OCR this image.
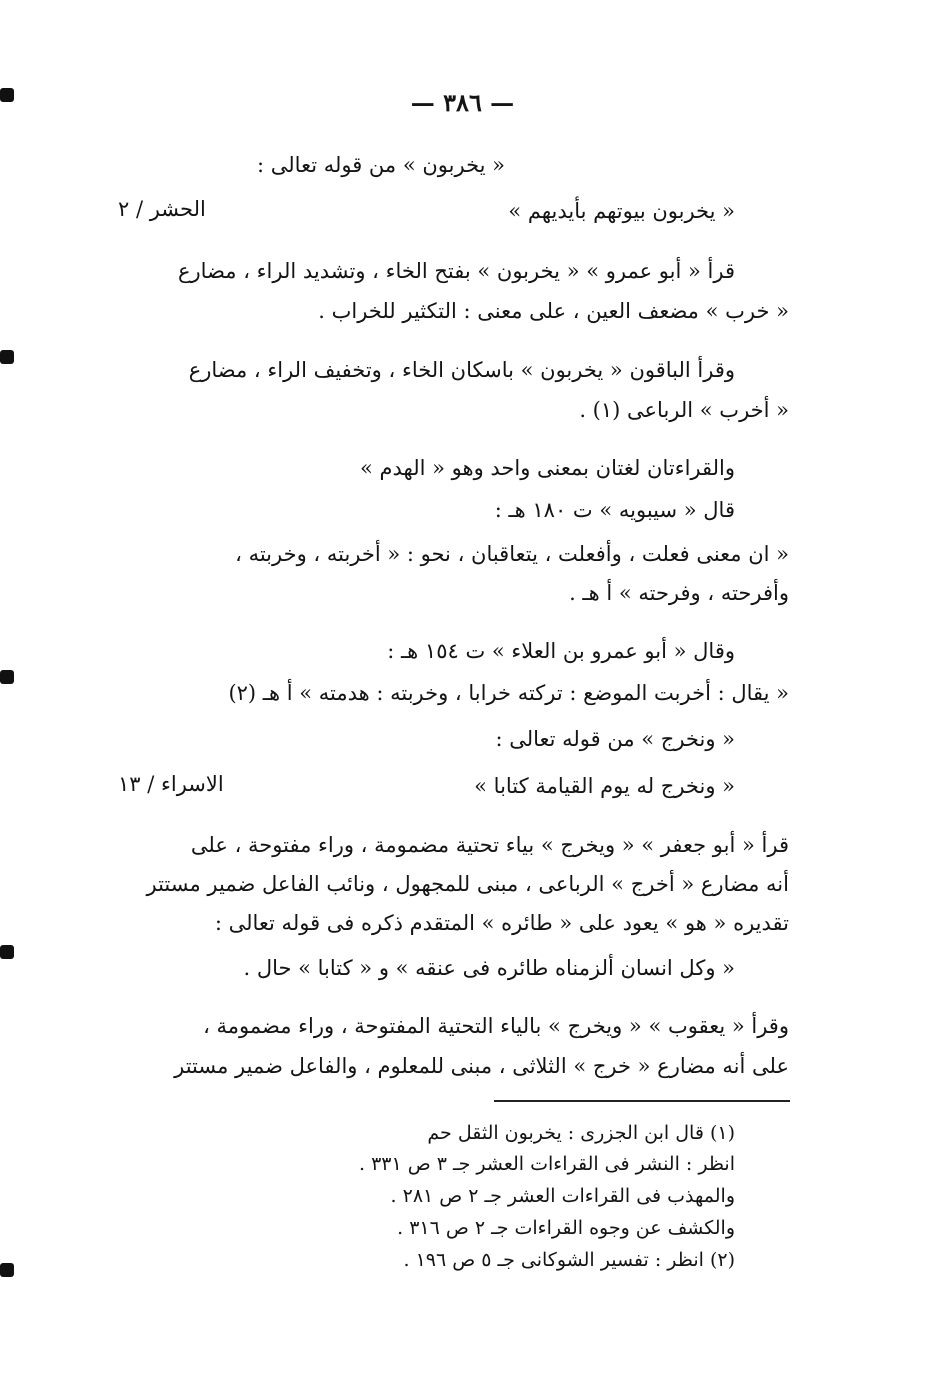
— ٣٨٦ —
« يخربون » من قوله تعالى :
« يخربون بيوتهم بأيديهم »
الحشر / ٢
قرأ « أبو عمرو » « يخربون » بفتح الخاء ، وتشديد الراء ، مضارع
« خرب » مضعف العين ، على معنى : التكثير للخراب .
وقرأ الباقون « يخربون » باسكان الخاء ، وتخفيف الراء ، مضارع
« أخرب » الرباعى (١) .
والقراءتان لغتان بمعنى واحد وهو « الهدم »
قال « سيبويه » ت ١٨٠ هـ :
« ان معنى فعلت ، وأفعلت ، يتعاقبان ، نحو : « أخربته ، وخربته ،
وأفرحته ، وفرحته » أ هـ .
وقال « أبو عمرو بن العلاء » ت ١٥٤ هـ :
« يقال : أخربت الموضع : تركته خرابا ، وخربته : هدمته » أ هـ (٢)
« ونخرج » من قوله تعالى :
« ونخرج له يوم القيامة كتابا »
الاسراء / ١٣
قرأ « أبو جعفر » « ويخرج » بياء تحتية مضمومة ، وراء مفتوحة ، على
أنه مضارع « أخرج » الرباعى ، مبنى للمجهول ، ونائب الفاعل ضمير مستتر
تقديره « هو » يعود على « طائره » المتقدم ذكره فى قوله تعالى :
« وكل انسان ألزمناه طائره فى عنقه » و « كتابا » حال .
وقرأ « يعقوب » « ويخرج » بالياء التحتية المفتوحة ، وراء مضمومة ،
على أنه مضارع « خرج » الثلاثى ، مبنى للمعلوم ، والفاعل ضمير مستتر
(١) قال ابن الجزرى : يخربون الثقل حم
انظر : النشر فى القراءات العشر جـ ٣ ص ٣٣١ .
والمهذب فى القراءات العشر جـ ٢ ص ٢٨١ .
والكشف عن وجوه القراءات جـ ٢ ص ٣١٦ .
(٢) انظر : تفسير الشوكانى جـ ٥ ص ١٩٦ .
